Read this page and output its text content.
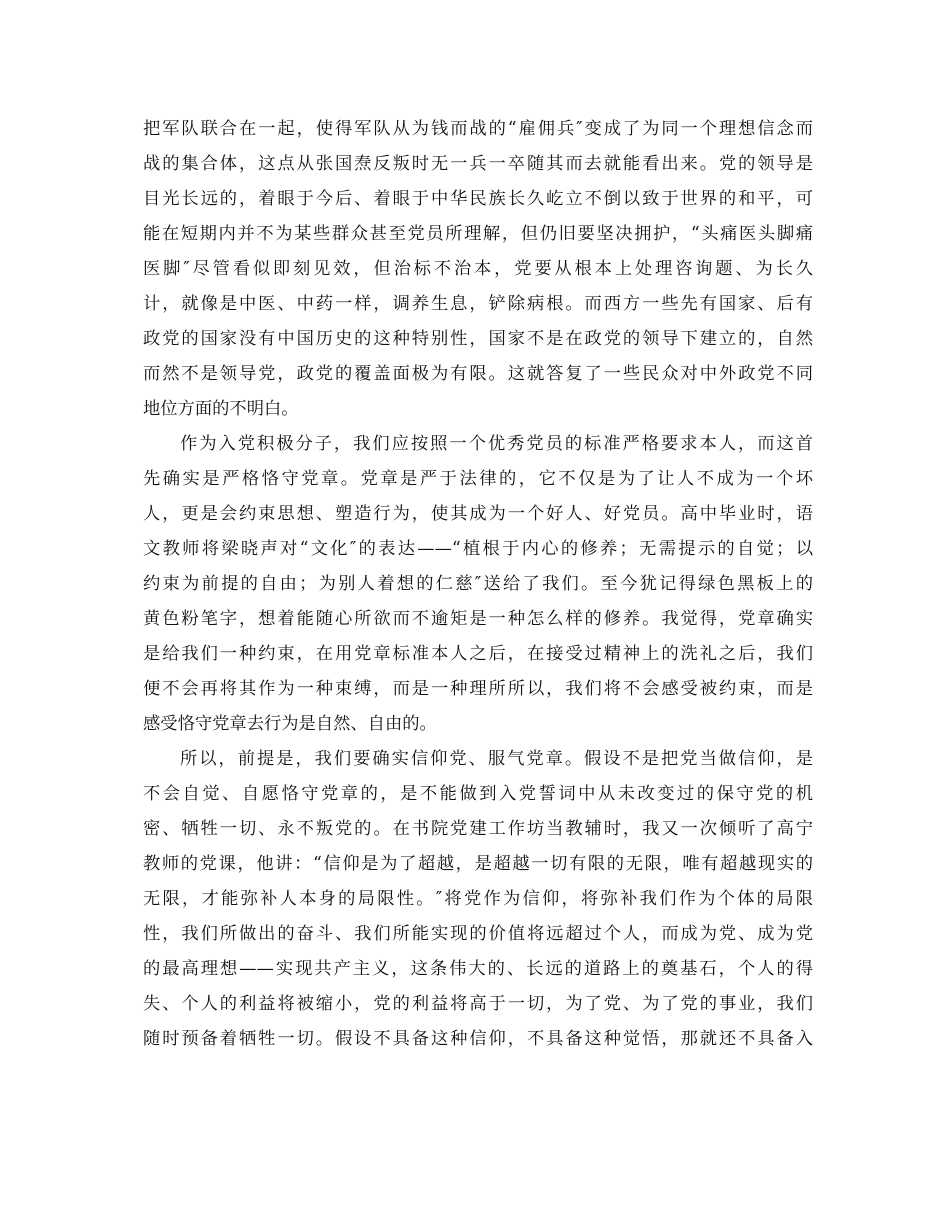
把军队联合在一起，使得军队从为钱而战的“雇佣兵″变成了为同一个理想信念而
战的集合体，这点从张国焘反叛时无一兵一卒随其而去就能看出来。党的领导是
目光长远的，着眼于今后、着眼于中华民族长久屹立不倒以致于世界的和平，可
能在短期内并不为某些群众甚至党员所理解，但仍旧要坚决拥护，“头痛医头脚痛
医脚″尽管看似即刻见效，但治标不治本，党要从根本上处理咨询题、为长久
计，就像是中医、中药一样，调养生息，铲除病根。而西方一些先有国家、后有
政党的国家没有中国历史的这种特别性，国家不是在政党的领导下建立的，自然
而然不是领导党，政党的覆盖面极为有限。这就答复了一些民众对中外政党不同
地位方面的不明白。
作为入党积极分子，我们应按照一个优秀党员的标准严格要求本人，而这首
先确实是严格恪守党章。党章是严于法律的，它不仅是为了让人不成为一个坏
人，更是会约束思想、塑造行为，使其成为一个好人、好党员。高中毕业时，语
文教师将梁晓声对“文化″的表达——“植根于内心的修养；无需提示的自觉；以
约束为前提的自由；为别人着想的仁慈″送给了我们。至今犹记得绿色黑板上的
黄色粉笔字，想着能随心所欲而不逾矩是一种怎么样的修养。我觉得，党章确实
是给我们一种约束，在用党章标准本人之后，在接受过精神上的洗礼之后，我们
便不会再将其作为一种束缚，而是一种理所所以，我们将不会感受被约束，而是
感受恪守党章去行为是自然、自由的。
所以，前提是，我们要确实信仰党、服气党章。假设不是把党当做信仰，是
不会自觉、自愿恪守党章的，是不能做到入党誓词中从未改变过的保守党的机
密、牺牲一切、永不叛党的。在书院党建工作坊当教辅时，我又一次倾听了高宁
教师的党课，他讲：“信仰是为了超越，是超越一切有限的无限，唯有超越现实的
无限，才能弥补人本身的局限性。″将党作为信仰，将弥补我们作为个体的局限
性，我们所做出的奋斗、我们所能实现的价值将远超过个人，而成为党、成为党
的最高理想——实现共产主义，这条伟大的、长远的道路上的奠基石，个人的得
失、个人的利益将被缩小，党的利益将高于一切，为了党、为了党的事业，我们
随时预备着牺牲一切。假设不具备这种信仰，不具备这种觉悟，那就还不具备入
